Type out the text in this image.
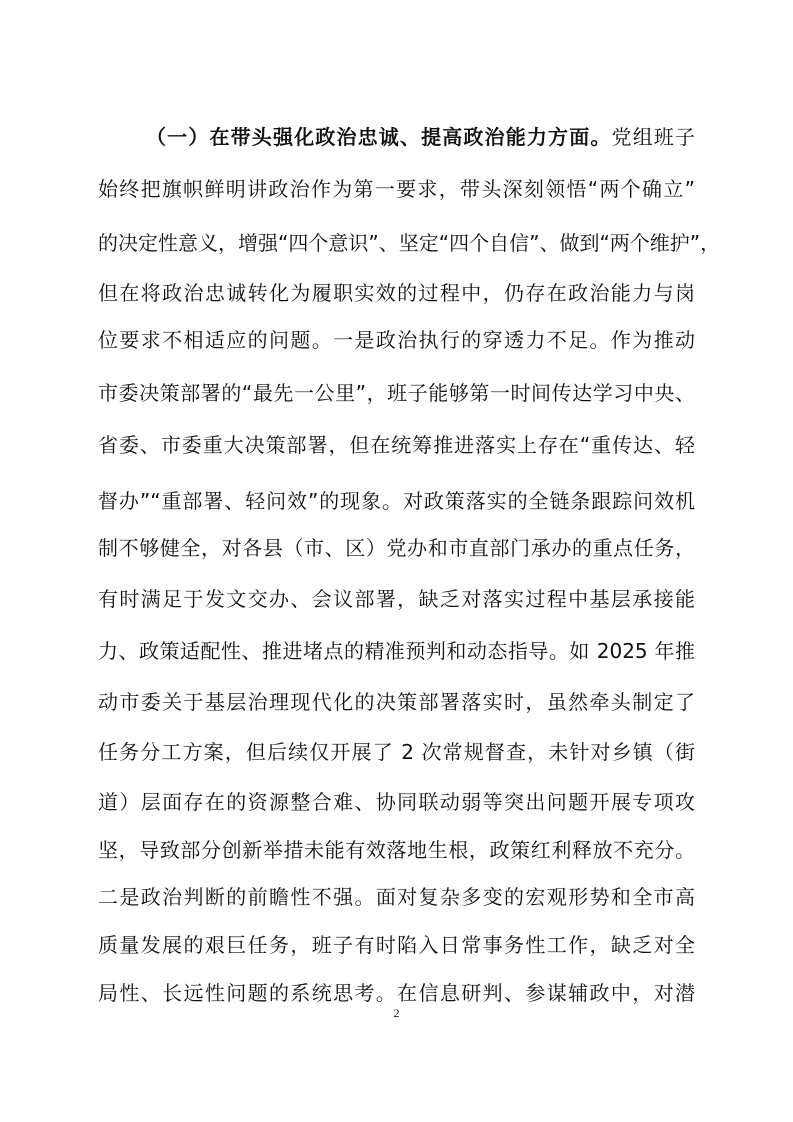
（一）在带头强化政治忠诚、提高政治能力方面。党组班子
始终把旗帜鲜明讲政治作为第一要求，带头深刻领悟“两个确立”
的决定性意义，增强“四个意识”、坚定“四个自信”、做到“两个维护”，
但在将政治忠诚转化为履职实效的过程中，仍存在政治能力与岗
位要求不相适应的问题。一是政治执行的穿透力不足。作为推动
市委决策部署的“最先一公里”，班子能够第一时间传达学习中央、
省委、市委重大决策部署，但在统筹推进落实上存在“重传达、轻
督办”“重部署、轻问效”的现象。对政策落实的全链条跟踪问效机
制不够健全，对各县（市、区）党办和市直部门承办的重点任务，
有时满足于发文交办、会议部署，缺乏对落实过程中基层承接能
力、政策适配性、推进堵点的精准预判和动态指导。如 2025 年推
动市委关于基层治理现代化的决策部署落实时，虽然牵头制定了
任务分工方案，但后续仅开展了 2 次常规督查，未针对乡镇（街
道）层面存在的资源整合难、协同联动弱等突出问题开展专项攻
坚，导致部分创新举措未能有效落地生根，政策红利释放不充分。
二是政治判断的前瞻性不强。面对复杂多变的宏观形势和全市高
质量发展的艰巨任务，班子有时陷入日常事务性工作，缺乏对全
局性、长远性问题的系统思考。在信息研判、参谋辅政中，对潜
2
